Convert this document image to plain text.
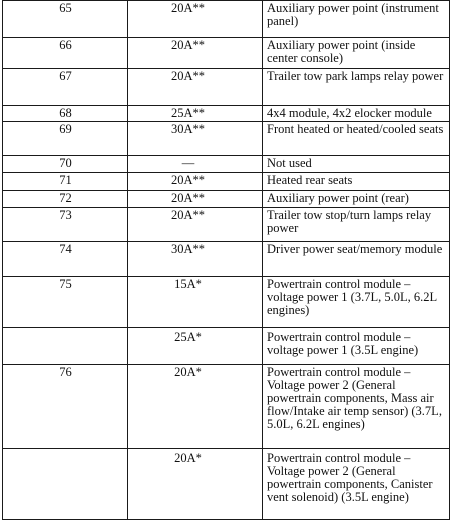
65	20A**	Auxiliary power point (instrument panel)
66	20A**	Auxiliary power point (inside center console)
67	20A**	Trailer tow park lamps relay power
68	25A**	4x4 module, 4x2 elocker module
69	30A**	Front heated or heated/cooled seats
70	—	Not used
71	20A**	Heated rear seats
72	20A**	Auxiliary power point (rear)
73	20A**	Trailer tow stop/turn lamps relay power
74	30A**	Driver power seat/memory module
75	15A*	Powertrain control module – voltage power 1 (3.7L, 5.0L, 6.2L engines)
	25A*	Powertrain control module – voltage power 1 (3.5L engine)
76	20A*	Powertrain control module – Voltage power 2 (General powertrain components, Mass air flow/Intake air temp sensor) (3.7L, 5.0L, 6.2L engines)
	20A*	Powertrain control module – Voltage power 2 (General powertrain components, Canister vent solenoid) (3.5L engine)
